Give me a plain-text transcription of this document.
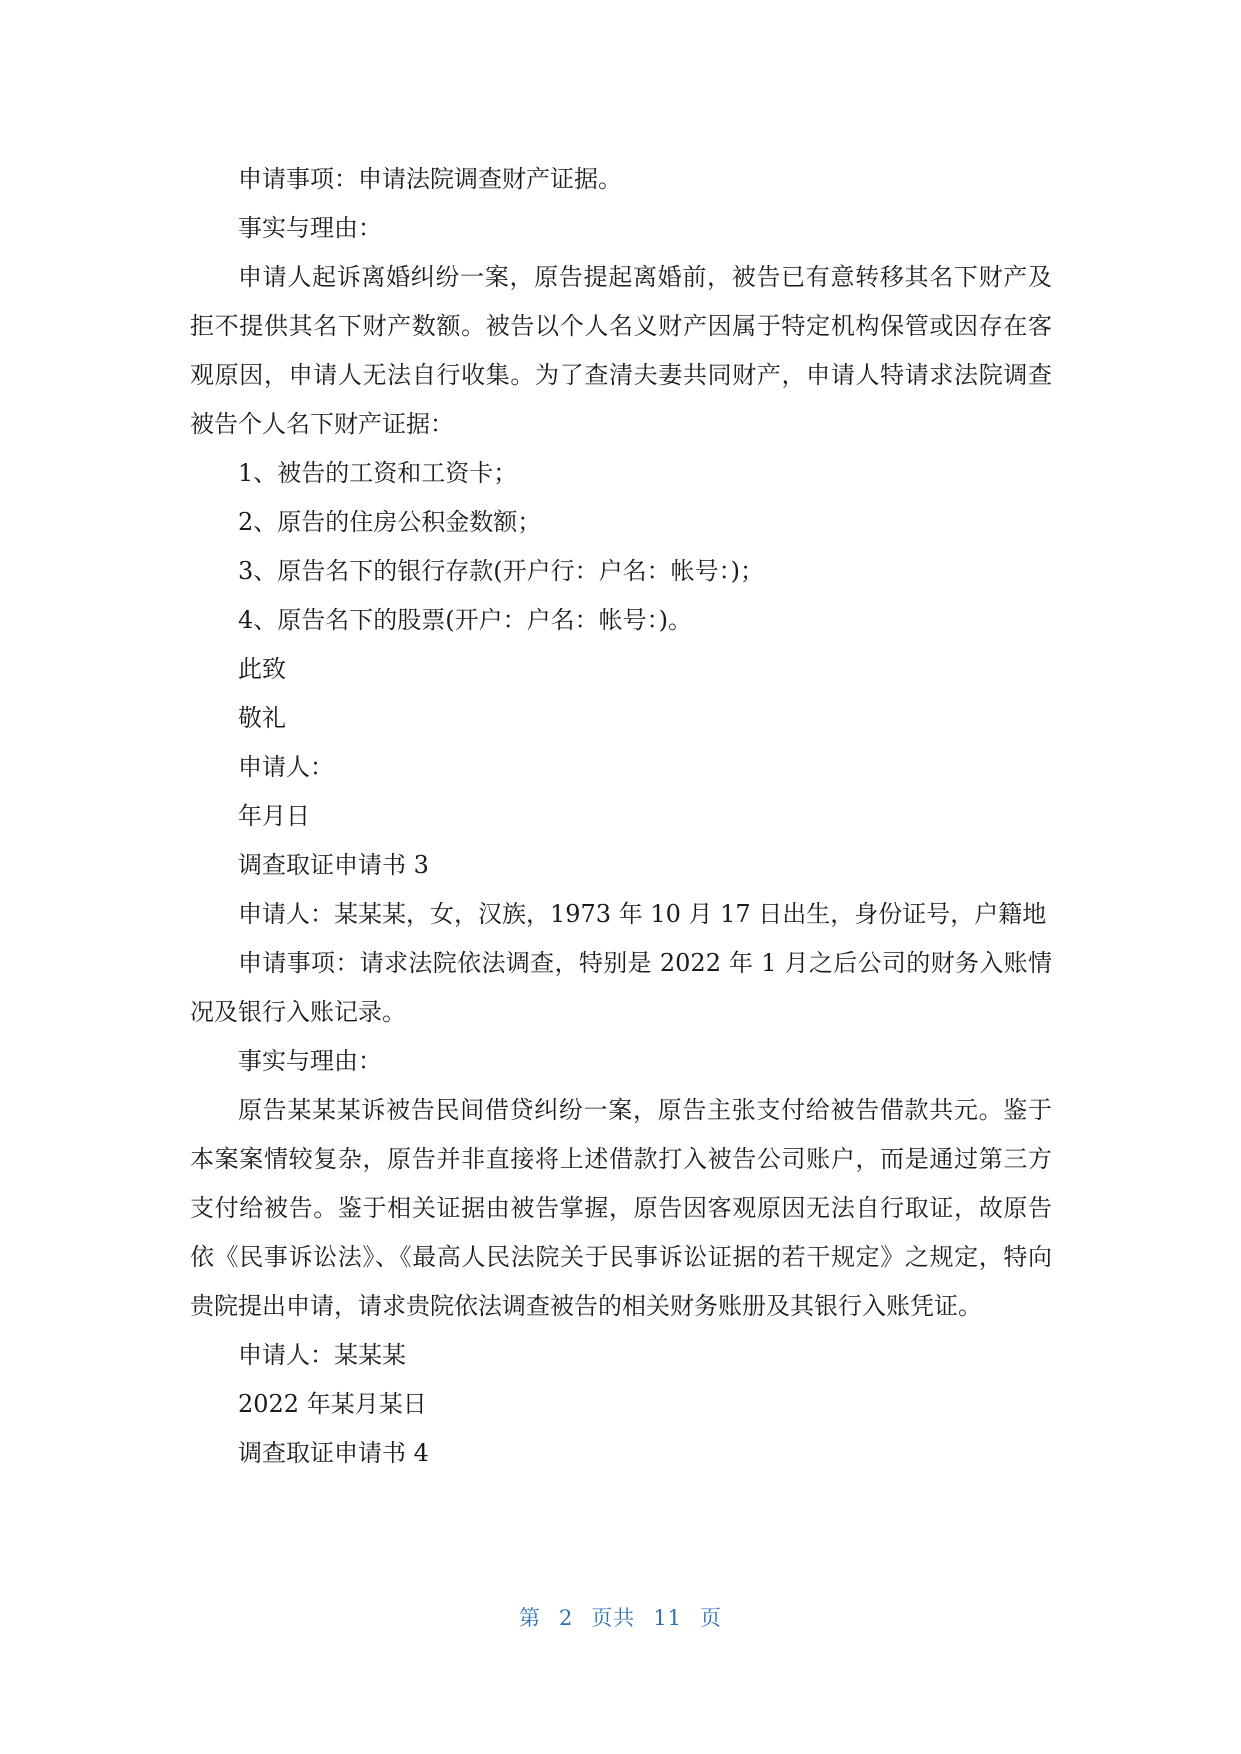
申请事项：申请法院调查财产证据。

事实与理由：

申请人起诉离婚纠纷一案，原告提起离婚前，被告已有意转移其名下财产及拒不提供其名下财产数额。被告以个人名义财产因属于特定机构保管或因存在客观原因，申请人无法自行收集。为了查清夫妻共同财产，申请人特请求法院调查被告个人名下财产证据：

1、被告的工资和工资卡；

2、原告的住房公积金数额；

3、原告名下的银行存款(开户行：户名：帐号：)；

4、原告名下的股票(开户：户名：帐号：)。

此致

敬礼

申请人：

年月日

调查取证申请书 3

申请人：某某某，女，汉族，1973 年 10 月 17 日出生，身份证号，户籍地

申请事项：请求法院依法调查，特别是 2022 年 1 月之后公司的财务入账情况及银行入账记录。

事实与理由：

原告某某某诉被告民间借贷纠纷一案，原告主张支付给被告借款共元。鉴于本案案情较复杂，原告并非直接将上述借款打入被告公司账户，而是通过第三方支付给被告。鉴于相关证据由被告掌握，原告因客观原因无法自行取证，故原告依《民事诉讼法》、《最高人民法院关于民事诉讼证据的若干规定》之规定，特向贵院提出申请，请求贵院依法调查被告的相关财务账册及其银行入账凭证。

申请人：某某某

2022 年某月某日

调查取证申请书 4

第 2 页共 11 页
